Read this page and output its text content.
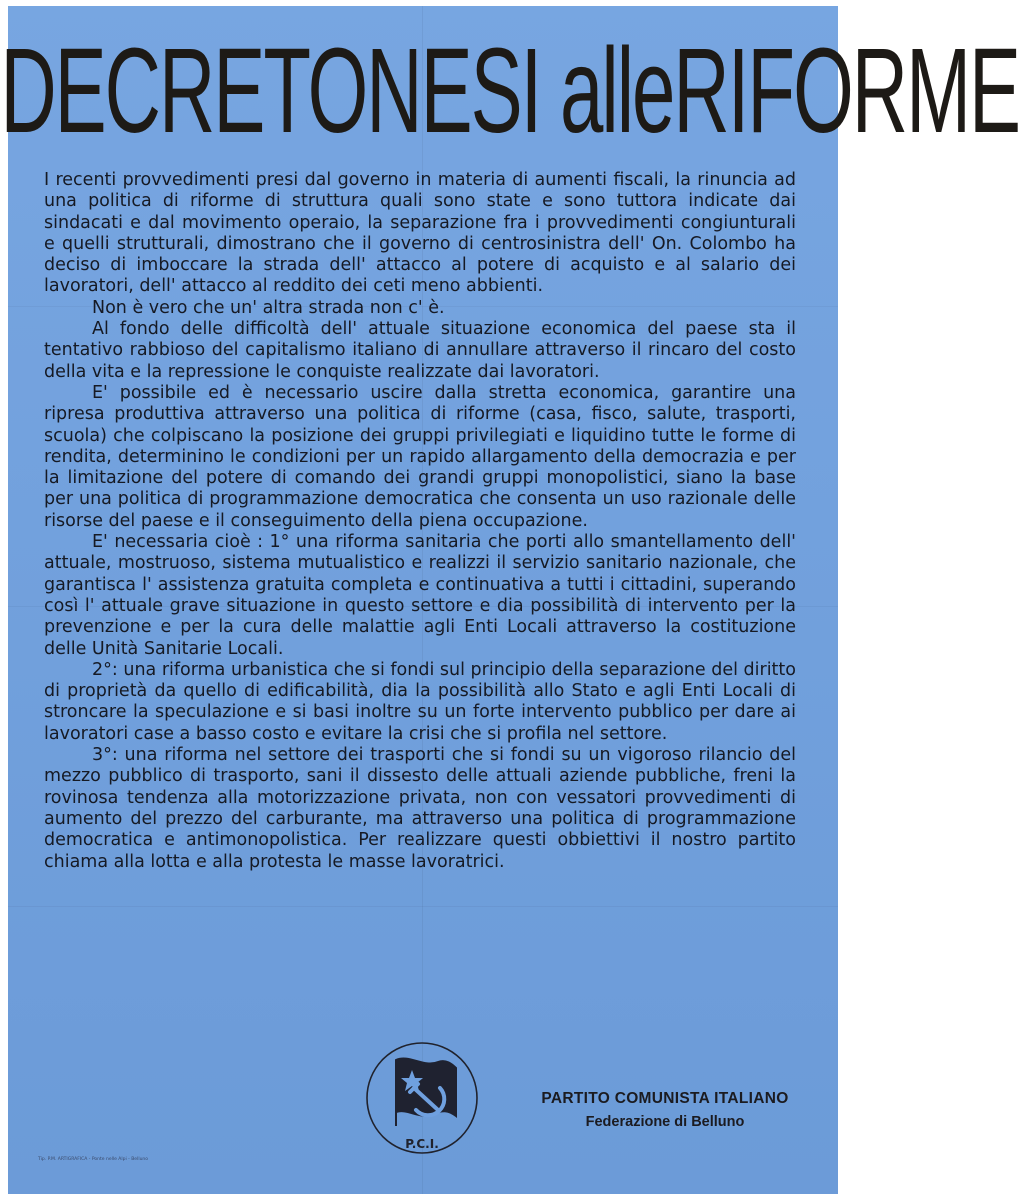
DECRETONE SI alle RIFORME

I recenti provvedimenti presi dal governo in materia di aumenti fiscali, la rinuncia ad una politica di riforme di struttura quali sono state e sono tuttora indicate dai sindacati e dal movimento operaio, la separazione fra i provvedimenti congiunturali e quelli strutturali, dimostrano che il governo di centrosinistra dell' On. Colombo ha deciso di imboccare la strada dell' attacco al potere di acquisto e al salario dei lavoratori, dell' attacco al reddito dei ceti meno abbienti.

Non è vero che un' altra strada non c' è.

Al fondo delle difficoltà dell' attuale situazione economica del paese sta il tentativo rabbioso del capitalismo italiano di annullare attraverso il rincaro del costo della vita e la repressione le conquiste realizzate dai lavoratori.

E' possibile ed è necessario uscire dalla stretta economica, garantire una ripresa produttiva attraverso una politica di riforme (casa, fisco, salute, trasporti, scuola) che colpiscano la posizione dei gruppi privilegiati e liquidino tutte le forme di rendita, determinino le condizioni per un rapido allargamento della democrazia e per la limitazione del potere di comando dei grandi gruppi monopolistici, siano la base per una politica di programmazione democratica che consenta un uso razionale delle risorse del paese e il conseguimento della piena occupazione.

E' necessaria cioè : 1° una riforma sanitaria che porti allo smantellamento dell' attuale, mostruoso, sistema mutualistico e realizzi il servizio sanitario nazionale, che garantisca l' assistenza gratuita completa e continuativa a tutti i cittadini, superando così l' attuale grave situazione in questo settore e dia possibilità di intervento per la prevenzione e per la cura delle malattie agli Enti Locali attraverso la costituzione delle Unità Sanitarie Locali.

2°: una riforma urbanistica che si fondi sul principio della separazione del diritto di proprietà da quello di edificabilità, dia la possibilità allo Stato e agli Enti Locali di stroncare la speculazione e si basi inoltre su un forte intervento pubblico per dare ai lavoratori case a basso costo e evitare la crisi che si profila nel settore.

3°: una riforma nel settore dei trasporti che si fondi su un vigoroso rilancio del mezzo pubblico di trasporto, sani il dissesto delle attuali aziende pubbliche, freni la rovinosa tendenza alla motorizzazione privata, non con vessatori provvedimenti di aumento del prezzo del carburante, ma attraverso una politica di programmazione democratica e antimonopolistica. Per realizzare questi obbiettivi il nostro partito chiama alla lotta e alla protesta le masse lavoratrici.

P.C.I.
PARTITO COMUNISTA ITALIANO
Federazione di Belluno
Tip. P.M. ARTIGRAFICA - Ponte nelle Alpi - Belluno
